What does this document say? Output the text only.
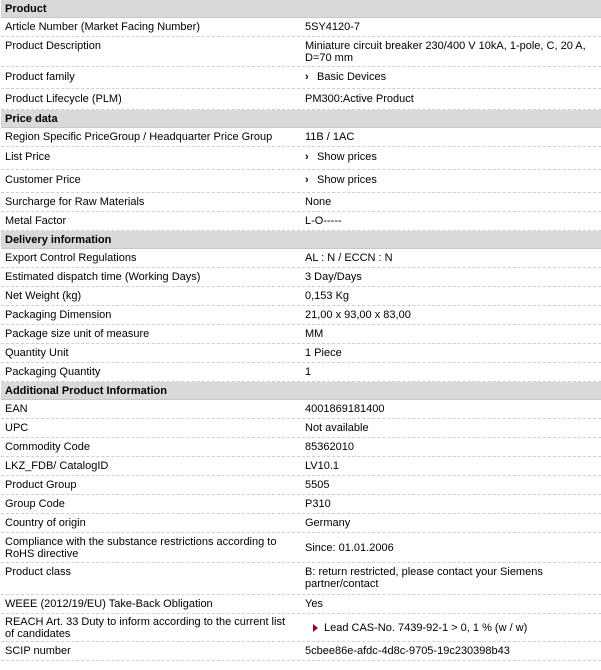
Product
Article Number (Market Facing Number)	5SY4120-7
Product Description	Miniature circuit breaker 230/400 V 10kA, 1-pole, C, 20 A, D=70 mm
Product family	› Basic Devices
Product Lifecycle (PLM)	PM300:Active Product
Price data
Region Specific PriceGroup / Headquarter Price Group	11B / 1AC
List Price	› Show prices
Customer Price	› Show prices
Surcharge for Raw Materials	None
Metal Factor	L-O-----
Delivery information
Export Control Regulations	AL : N / ECCN : N
Estimated dispatch time (Working Days)	3 Day/Days
Net Weight (kg)	0,153 Kg
Packaging Dimension	21,00 x 93,00 x 83,00
Package size unit of measure	MM
Quantity Unit	1 Piece
Packaging Quantity	1
Additional Product Information
EAN	4001869181400
UPC	Not available
Commodity Code	85362010
LKZ_FDB/ CatalogID	LV10.1
Product Group	5505
Group Code	P310
Country of origin	Germany
Compliance with the substance restrictions according to RoHS directive	Since: 01.01.2006
Product class	B: return restricted, please contact your Siemens partner/contact
WEEE (2012/19/EU) Take-Back Obligation	Yes
REACH Art. 33 Duty to inform according to the current list of candidates	Lead CAS-No. 7439-92-1 > 0, 1 % (w / w)
SCIP number	5cbee86e-afdc-4d8c-9705-19c230398b43
